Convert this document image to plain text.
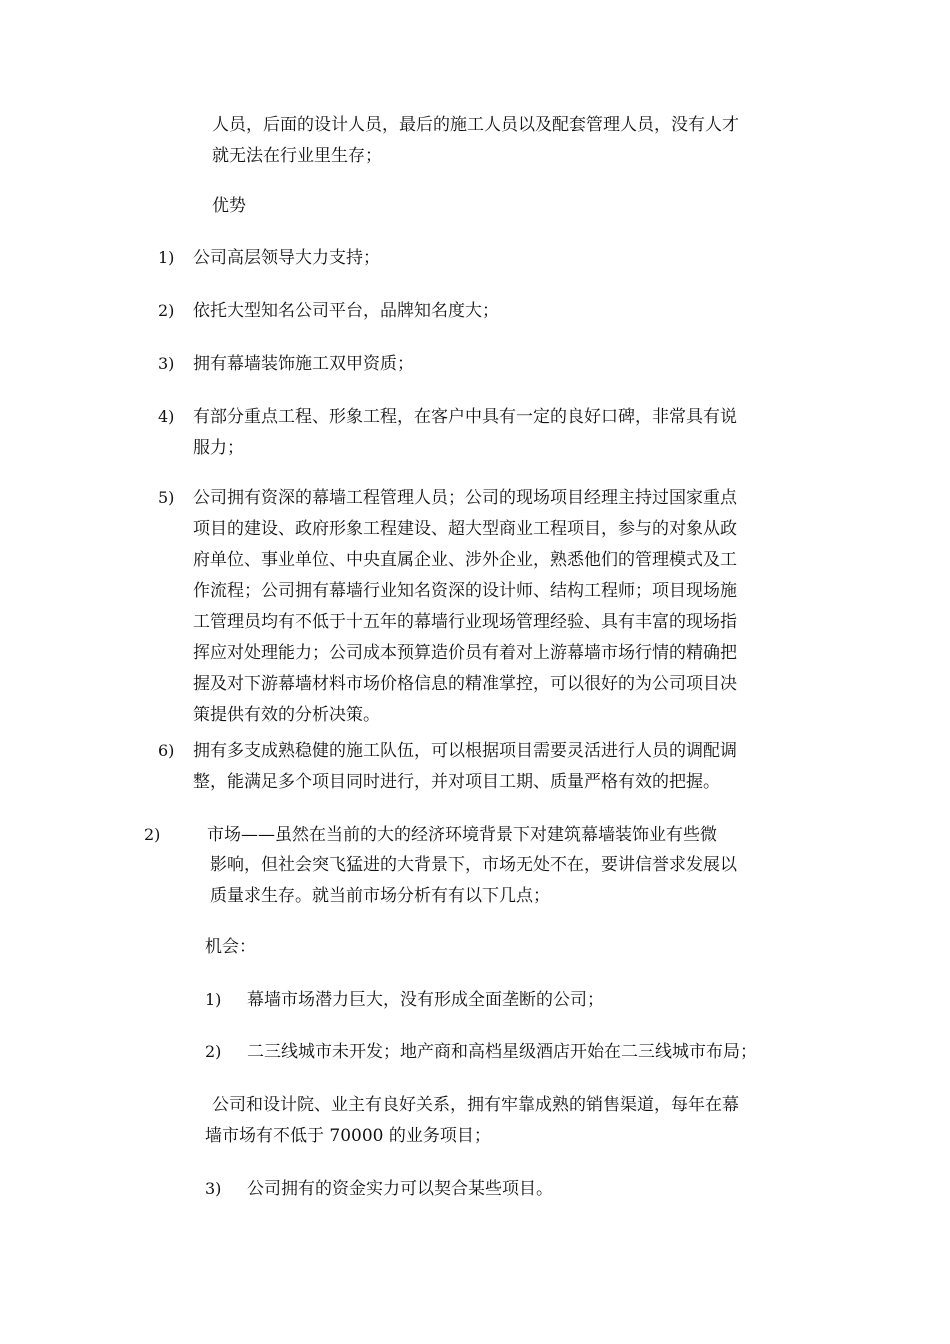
人员，后面的设计人员，最后的施工人员以及配套管理人员，没有人才
就无法在行业里生存；
优势
1) 公司高层领导大力支持；
2) 依托大型知名公司平台，品牌知名度大；
3) 拥有幕墙装饰施工双甲资质；
4) 有部分重点工程、形象工程，在客户中具有一定的良好口碑，非常具有说
服力；
5) 公司拥有资深的幕墙工程管理人员；公司的现场项目经理主持过国家重点
项目的建设、政府形象工程建设、超大型商业工程项目，参与的对象从政
府单位、事业单位、中央直属企业、涉外企业，熟悉他们的管理模式及工
作流程；公司拥有幕墙行业知名资深的设计师、结构工程师；项目现场施
工管理员均有不低于十五年的幕墙行业现场管理经验、具有丰富的现场指
挥应对处理能力；公司成本预算造价员有着对上游幕墙市场行情的精确把
握及对下游幕墙材料市场价格信息的精准掌控，可以很好的为公司项目决
策提供有效的分析决策。
6) 拥有多支成熟稳健的施工队伍，可以根据项目需要灵活进行人员的调配调
整，能满足多个项目同时进行，并对项目工期、质量严格有效的把握。
2)	市场——虽然在当前的大的经济环境背景下对建筑幕墙装饰业有些微
影响，但社会突飞猛进的大背景下，市场无处不在，要讲信誉求发展以
质量求生存。就当前市场分析有有以下几点；
机会：
1) 幕墙市场潜力巨大，没有形成全面垄断的公司；
2) 二三线城市未开发；地产商和高档星级酒店开始在二三线城市布局；
公司和设计院、业主有良好关系，拥有牢靠成熟的销售渠道，每年在幕
墙市场有不低于 70000 的业务项目；
3) 公司拥有的资金实力可以契合某些项目。
